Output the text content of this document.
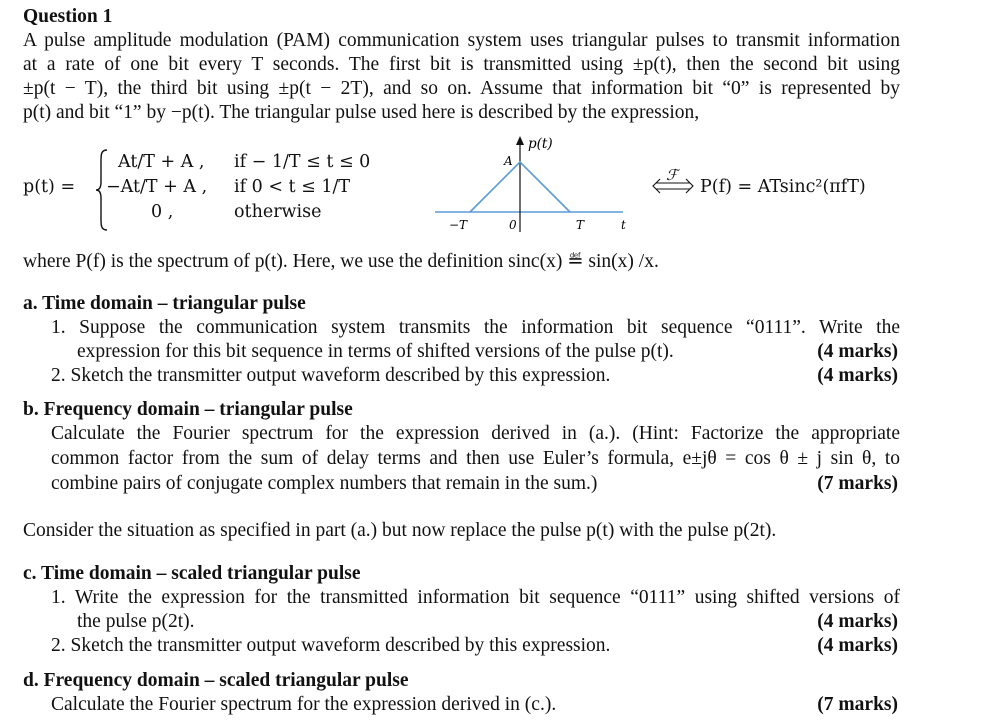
Question 1
A pulse amplitude modulation (PAM) communication system uses triangular pulses to transmit information
at a rate of one bit every T seconds. The first bit is transmitted using ±p(t), then the second bit using
±p(t − T), the third bit using ±p(t − 2T), and so on. Assume that information bit “0” is represented by
p(t) and bit “1” by −p(t). The triangular pulse used here is described by the expression,
p(t) =
At/T + A , if − 1/T ≤ t ≤ 0
−At/T + A , if 0 < t ≤ 1/T
0 ,	otherwise
p(t)
A
−T	0	T	t
ℱ
P(f) = ATsinc²(πfT)
where P(f) is the spectrum of p(t). Here, we use the definition sinc(x) ≝ sin(x) /x.
a. Time domain – triangular pulse
1. Suppose the communication system transmits the information bit sequence “0111”. Write the
expression for this bit sequence in terms of shifted versions of the pulse p(t).	(4 marks)
2. Sketch the transmitter output waveform described by this expression.	(4 marks)
b. Frequency domain – triangular pulse
Calculate the Fourier spectrum for the expression derived in (a.). (Hint: Factorize the appropriate
common factor from the sum of delay terms and then use Euler’s formula, e±jθ = cos θ ± j sin θ, to
combine pairs of conjugate complex numbers that remain in the sum.)	(7 marks)
Consider the situation as specified in part (a.) but now replace the pulse p(t) with the pulse p(2t).
c. Time domain – scaled triangular pulse
1. Write the expression for the transmitted information bit sequence “0111” using shifted versions of
the pulse p(2t).	(4 marks)
2. Sketch the transmitter output waveform described by this expression.	(4 marks)
d. Frequency domain – scaled triangular pulse
Calculate the Fourier spectrum for the expression derived in (c.).	(7 marks)
